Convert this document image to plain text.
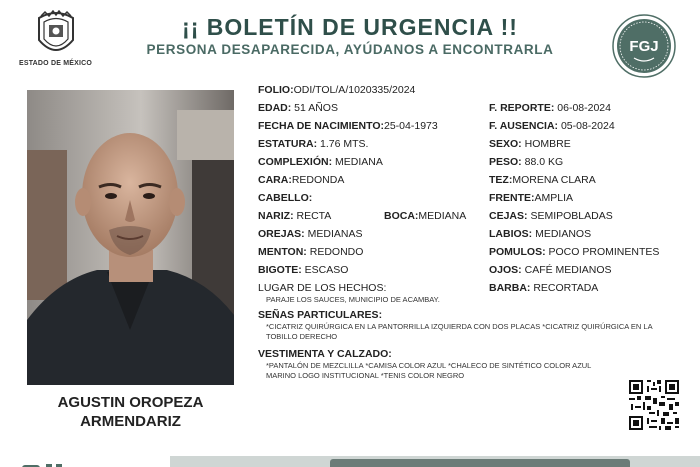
ESTADO DE MÉXICO
¡¡ BOLETÍN DE URGENCIA !!
PERSONA DESAPARECIDA, AYÚDANOS A ENCONTRARLA	FGJ
AGUSTIN OROPEZA
ARMENDARIZ
FOLIO:ODI/TOL/A/1020335/2024
EDAD: 51 AÑOS
FECHA DE NACIMIENTO:25-04-1973
ESTATURA: 1.76 MTS.
COMPLEXIÓN: MEDIANA
CARA:REDONDA
CABELLO:
NARIZ: RECTA	BOCA:MEDIANA
OREJAS: MEDIANAS
MENTON: REDONDO
BIGOTE: ESCASO
LUGAR DE LOS HECHOS:
PARAJE LOS SAUCES, MUNICIPIO DE ACAMBAY.
F. REPORTE: 06-08-2024
F. AUSENCIA: 05-08-2024
SEXO: HOMBRE
PESO: 88.0 KG
TEZ:MORENA CLARA
FRENTE:AMPLIA
CEJAS: SEMIPOBLADAS
LABIOS: MEDIANOS
POMULOS: POCO PROMINENTES
OJOS: CAFÉ MEDIANOS
BARBA: RECORTADA
SEÑAS PARTICULARES:
*CICATRIZ QUIRÚRGICA EN LA PANTORRILLA IZQUIERDA CON DOS PLACAS *CICATRIZ QUIRÚRGICA EN LA
TOBILLO DERECHO
VESTIMENTA Y CALZADO:
*PANTALÓN DE MEZCLILLA *CAMISA COLOR AZUL *CHALECO DE SINTÉTICO COLOR AZUL
MARINO LOGO INSTITUCIONAL *TENIS COLOR NEGRO
